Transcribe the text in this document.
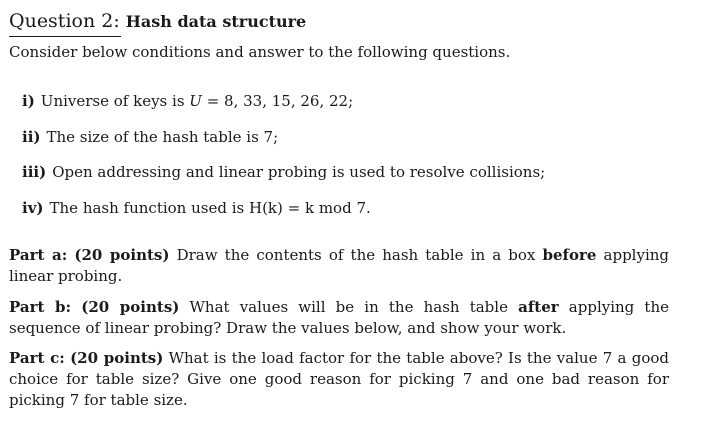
Question 2: Hash data structure
Consider below conditions and answer to the following questions.
i) Universe of keys is U = 8, 33, 15, 26, 22;
ii) The size of the hash table is 7;
iii) Open addressing and linear probing is used to resolve collisions;
iv) The hash function used is H(k) = k mod 7.
Part a: (20 points) Draw the contents of the hash table in a box before applying linear probing.
Part b: (20 points) What values will be in the hash table after applying the sequence of linear probing? Draw the values below, and show your work.
Part c: (20 points) What is the load factor for the table above? Is the value 7 a good choice for table size? Give one good reason for picking 7 and one bad reason for picking 7 for table size.
